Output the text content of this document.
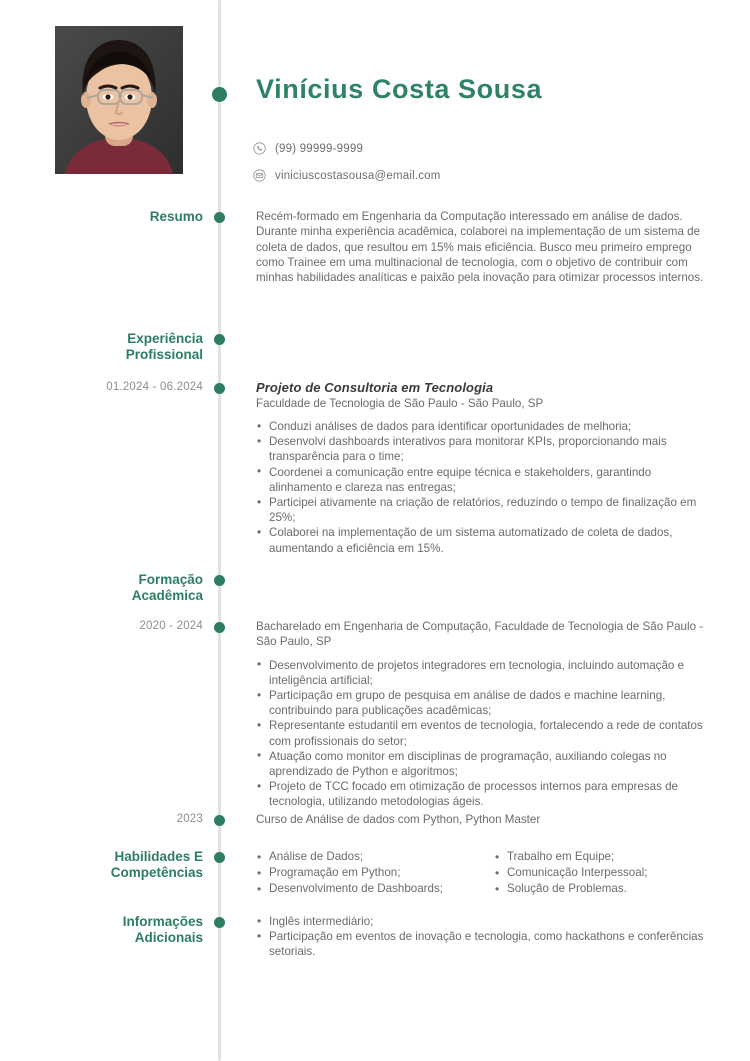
Vinícius Costa Sousa
(99) 99999-9999
viniciuscostasousa@email.com
Resumo	Recém-formado em Engenharia da Computação interessado em análise de dados. Durante minha experiência acadêmica, colaborei na implementação de um sistema de coleta de dados, que resultou em 15% mais eficiência. Busco meu primeiro emprego como Trainee em uma multinacional de tecnologia, com o objetivo de contribuir com minhas habilidades analíticas e paixão pela inovação para otimizar processos internos.
Experiência
Profissional
01.2024 - 06.2024	Projeto de Consultoria em Tecnologia
Faculdade de Tecnologia de São Paulo - São Paulo, SP
• Conduzi análises de dados para identificar oportunidades de melhoria;
• Desenvolvi dashboards interativos para monitorar KPIs, proporcionando mais transparência para o time;
• Coordenei a comunicação entre equipe técnica e stakeholders, garantindo alinhamento e clareza nas entregas;
• Participei ativamente na criação de relatórios, reduzindo o tempo de finalização em 25%;
• Colaborei na implementação de um sistema automatizado de coleta de dados, aumentando a eficiência em 15%.
Formação
Acadêmica
2020 - 2024	Bacharelado em Engenharia de Computação, Faculdade de Tecnologia de São Paulo - São Paulo, SP
• Desenvolvimento de projetos integradores em tecnologia, incluindo automação e inteligência artificial;
• Participação em grupo de pesquisa em análise de dados e machine learning, contribuindo para publicações acadêmicas;
• Representante estudantil em eventos de tecnologia, fortalecendo a rede de contatos com profissionais do setor;
• Atuação como monitor em disciplinas de programação, auxiliando colegas no aprendizado de Python e algoritmos;
• Projeto de TCC focado em otimização de processos internos para empresas de tecnologia, utilizando metodologias ágeis.
2023	Curso de Análise de dados com Python, Python Master
Habilidades E
Competências
• Análise de Dados;
• Programação em Python;
• Desenvolvimento de Dashboards;
• Trabalho em Equipe;
• Comunicação Interpessoal;
• Solução de Problemas.
Informações
Adicionais
• Inglês intermediário;
• Participação em eventos de inovação e tecnologia, como hackathons e conferências setoriais.
